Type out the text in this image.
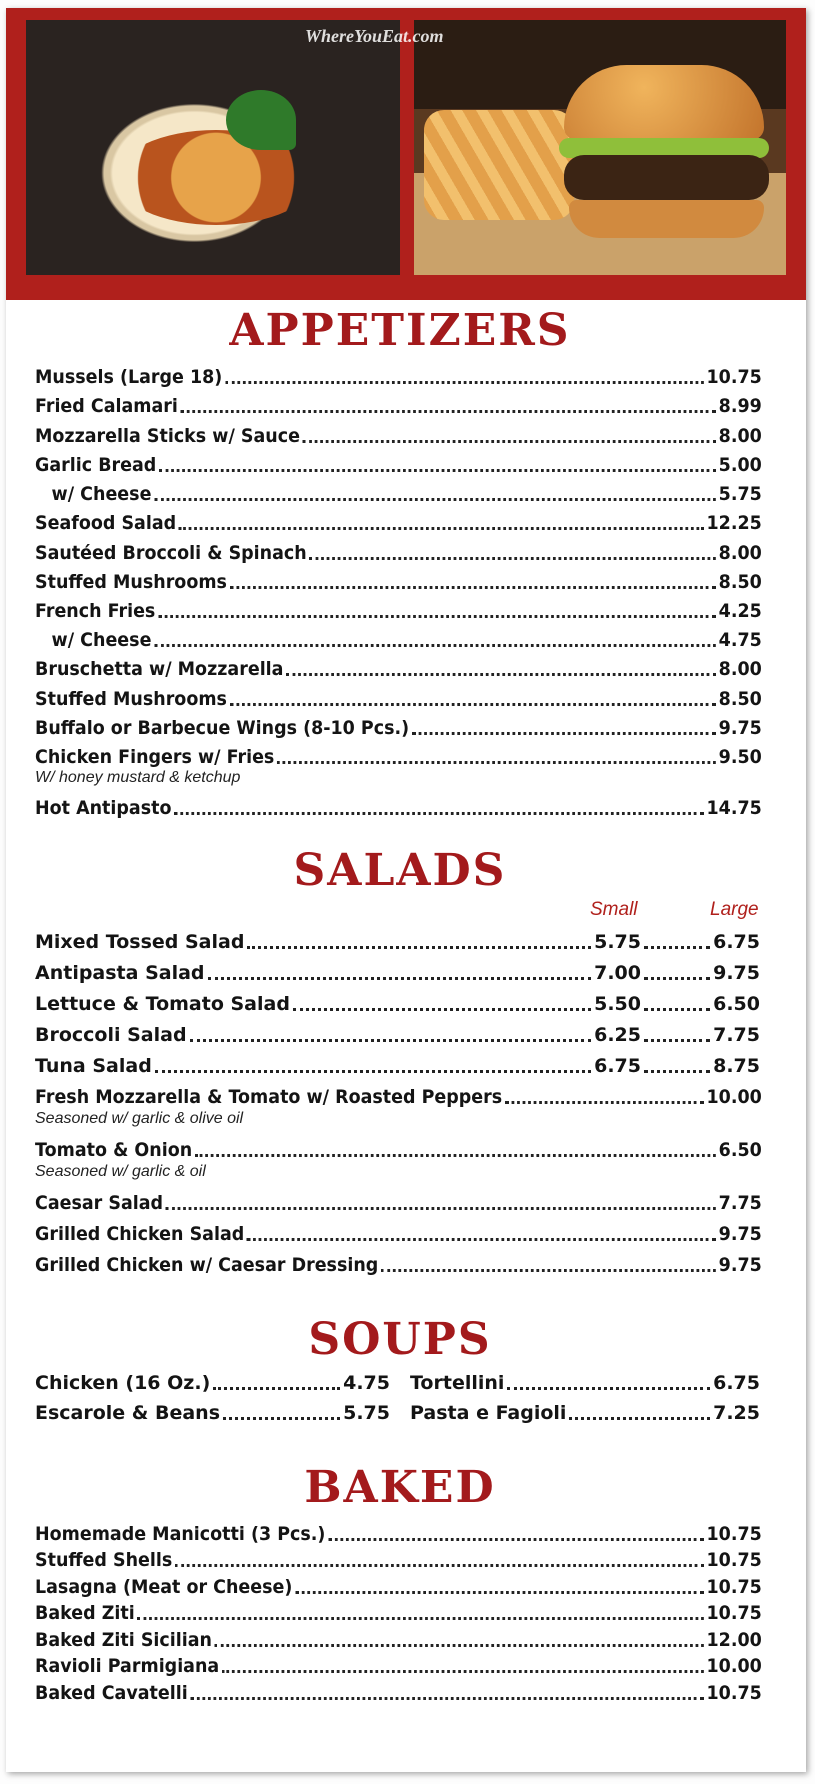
WhereYouEat.com
APPETIZERS
Mussels (Large 18)	10.75
Fried Calamari	8.99
Mozzarella Sticks w/ Sauce	8.00
Garlic Bread	5.00
w/ Cheese	5.75
Seafood Salad	12.25
Sautéed Broccoli & Spinach	8.00
Stuffed Mushrooms	8.50
French Fries	4.25
w/ Cheese	4.75
Bruschetta w/ Mozzarella	8.00
Stuffed Mushrooms	8.50
Buffalo or Barbecue Wings (8-10 Pcs.)	9.75
Chicken Fingers w/ Fries	9.50
W/ honey mustard & ketchup
Hot Antipasto	14.75
SALADS
Small	Large
Mixed Tossed Salad	5.75	6.75
Antipasta Salad	7.00	9.75
Lettuce & Tomato Salad	5.50	6.50
Broccoli Salad	6.25	7.75
Tuna Salad	6.75	8.75
Fresh Mozzarella & Tomato w/ Roasted Peppers	10.00
Seasoned w/ garlic & olive oil
Tomato & Onion	6.50
Seasoned w/ garlic & oil
Caesar Salad	7.75
Grilled Chicken Salad	9.75
Grilled Chicken w/ Caesar Dressing	9.75
SOUPS
Chicken (16 Oz.)	4.75 Tortellini	6.75
Escarole & Beans	5.75 Pasta e Fagioli	7.25
BAKED
Homemade Manicotti (3 Pcs.)	10.75
Stuffed Shells	10.75
Lasagna (Meat or Cheese)	10.75
Baked Ziti	10.75
Baked Ziti Sicilian	12.00
Ravioli Parmigiana	10.00
Baked Cavatelli	10.75
